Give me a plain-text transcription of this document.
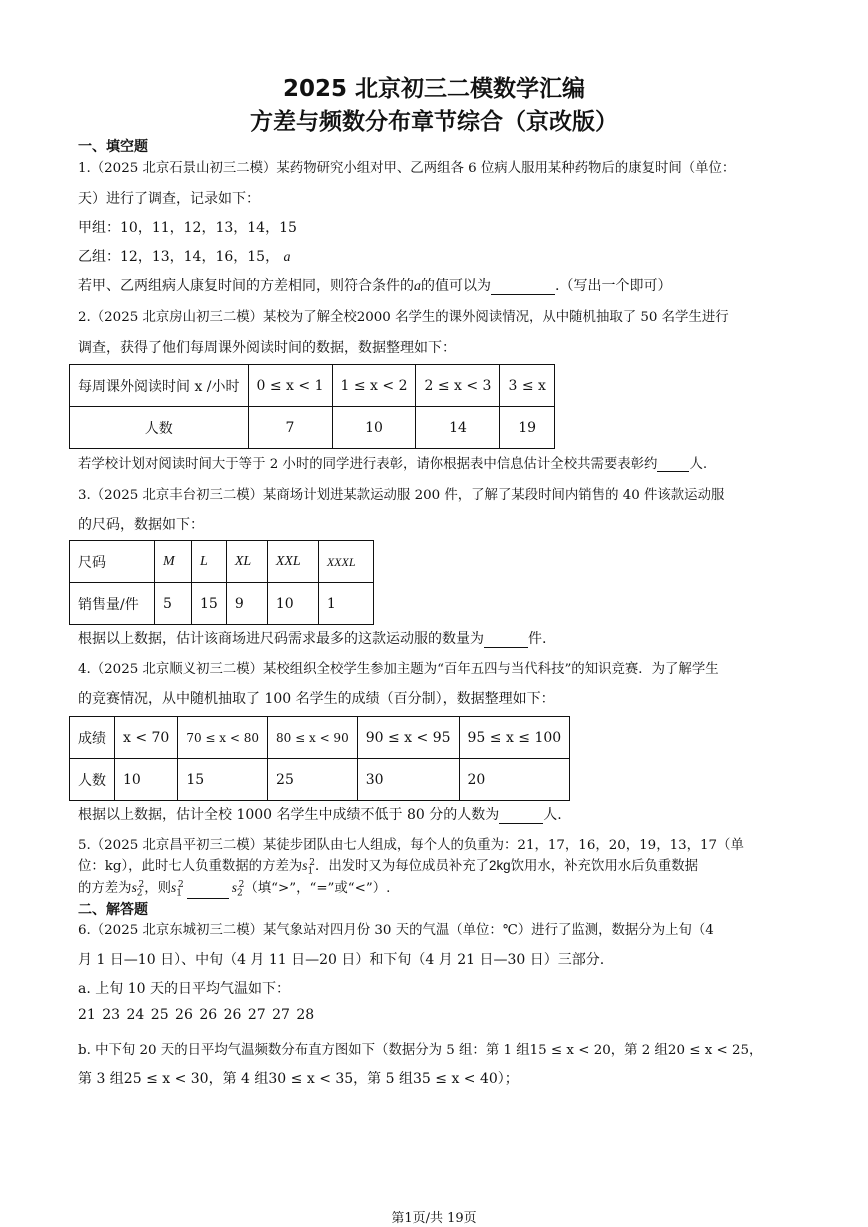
2025 北京初三二模数学汇编
方差与频数分布章节综合（京改版）
一、填空题
1.（2025 北京石景山初三二模）某药物研究小组对甲、乙两组各 6 位病人服用某种药物后的康复时间（单位：
天）进行了调查，记录如下：
甲组：10，11，12，13，14，15
乙组：12，13，14，16，15， a
若甲、乙两组病人康复时间的方差相同，则符合条件的a的值可以为	.（写出一个即可）
2.（2025 北京房山初三二模）某校为了解全校2000 名学生的课外阅读情况，从中随机抽取了 50 名学生进行
调查，获得了他们每周课外阅读时间的数据，数据整理如下：
每周课外阅读时间 x /小时	0 ≤ x < 1	1 ≤ x < 2	2 ≤ x < 3	3 ≤ x
人数	7	10	14	19
若学校计划对阅读时间大于等于 2 小时的同学进行表彰，请你根据表中信息估计全校共需要表彰约 人.
3.（2025 北京丰台初三二模）某商场计划进某款运动服 200 件，了解了某段时间内销售的 40 件该款运动服
的尺码，数据如下：
尺码	M	L	XL	XXL	XXXL
销售量/件	5	15	9	10	1
根据以上数据，估计该商场进尺码需求最多的这款运动服的数量为	件.
4.（2025 北京顺义初三二模）某校组织全校学生参加主题为“百年五四与当代科技”的知识竞赛．为了解学生
的竞赛情况，从中随机抽取了 100 名学生的成绩（百分制），数据整理如下：
成绩	x < 70	70 ≤ x < 80	80 ≤ x < 90	90 ≤ x < 95	95 ≤ x ≤ 100
人数	10	15	25	30	20
根据以上数据，估计全校 1000 名学生中成绩不低于 80 分的人数为	人.
5.（2025 北京昌平初三二模）某徒步团队由七人组成，每个人的负重为：21，17，16，20，19，13，17（单
位：kg），此时七人负重数据的方差为$s_1^2$．出发时又为每位成员补充了2kg饮用水，补充饮用水后负重数据
的方差为$s_2^2$，则$s_1^2$	$s_2^2$（填“>”，“=”或“<”）.
二、解答题
6.（2025 北京东城初三二模）某气象站对四月份 30 天的气温（单位：℃）进行了监测，数据分为上旬（4
月 1 日—10 日）、中旬（4 月 11 日—20 日）和下旬（4 月 21 日—30 日）三部分.
a. 上旬 10 天的日平均气温如下：
21 23 24 25 26 26 26 27 27 28
b. 中下旬 20 天的日平均气温频数分布直方图如下（数据分为 5 组：第 1 组15 ≤ x < 20，第 2 组20 ≤ x < 25，
第 3 组25 ≤ x < 30，第 4 组30 ≤ x < 35，第 5 组35 ≤ x < 40）；
第1页/共 19页
